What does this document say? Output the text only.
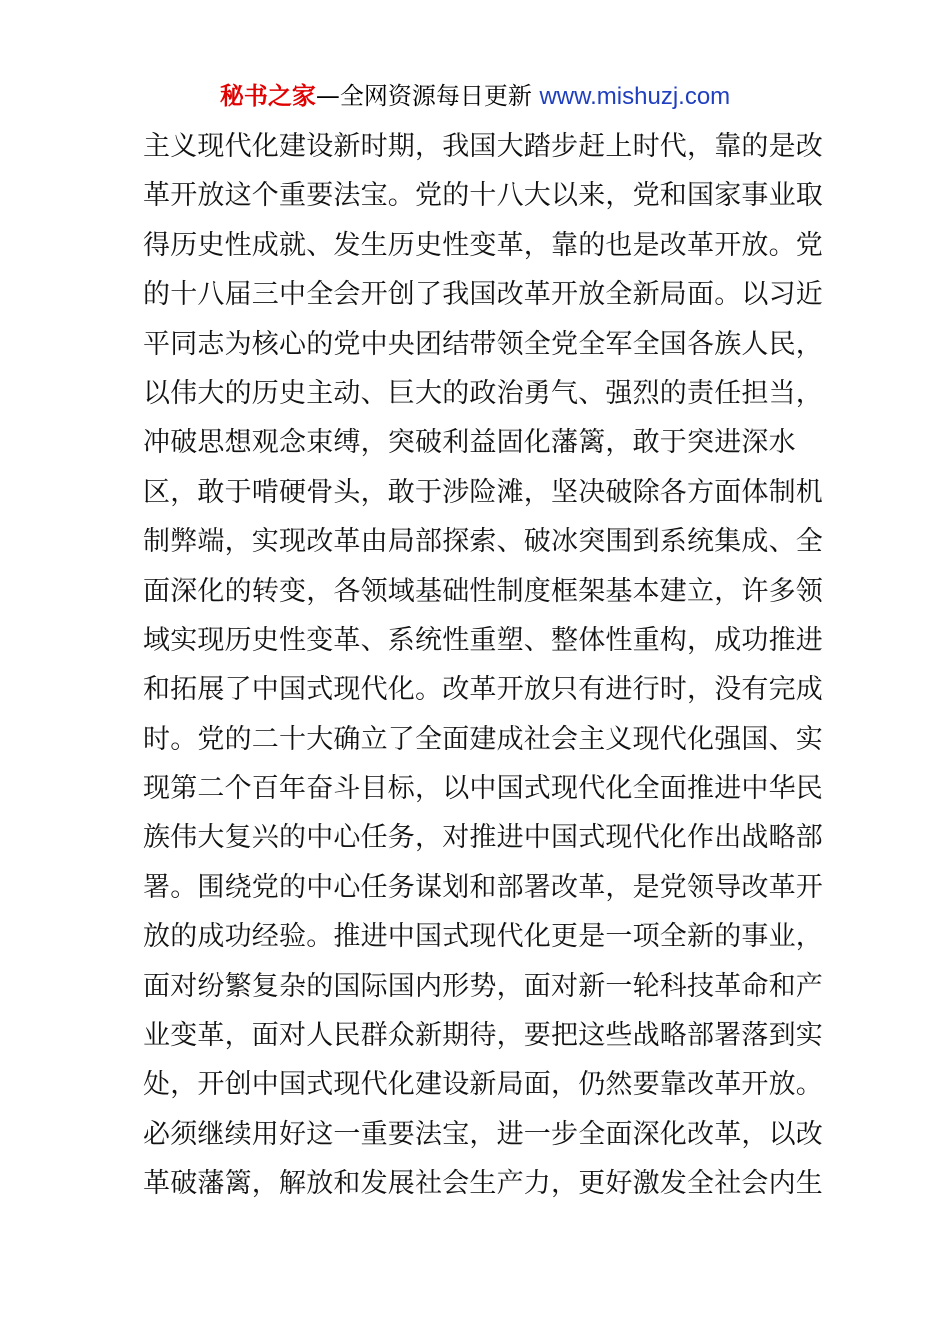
秘书之家—全网资源每日更新 www.mishuzj.com
主义现代化建设新时期，我国大踏步赶上时代，靠的是改
革开放这个重要法宝。党的十八大以来，党和国家事业取
得历史性成就、发生历史性变革，靠的也是改革开放。党
的十八届三中全会开创了我国改革开放全新局面。以习近
平同志为核心的党中央团结带领全党全军全国各族人民，
以伟大的历史主动、巨大的政治勇气、强烈的责任担当，
冲破思想观念束缚，突破利益固化藩篱，敢于突进深水
区，敢于啃硬骨头，敢于涉险滩，坚决破除各方面体制机
制弊端，实现改革由局部探索、破冰突围到系统集成、全
面深化的转变，各领域基础性制度框架基本建立，许多领
域实现历史性变革、系统性重塑、整体性重构，成功推进
和拓展了中国式现代化。改革开放只有进行时，没有完成
时。党的二十大确立了全面建成社会主义现代化强国、实
现第二个百年奋斗目标，以中国式现代化全面推进中华民
族伟大复兴的中心任务，对推进中国式现代化作出战略部
署。围绕党的中心任务谋划和部署改革，是党领导改革开
放的成功经验。推进中国式现代化更是一项全新的事业，
面对纷繁复杂的国际国内形势，面对新一轮科技革命和产
业变革，面对人民群众新期待，要把这些战略部署落到实
处，开创中国式现代化建设新局面，仍然要靠改革开放。
必须继续用好这一重要法宝，进一步全面深化改革，以改
革破藩篱，解放和发展社会生产力，更好激发全社会内生
